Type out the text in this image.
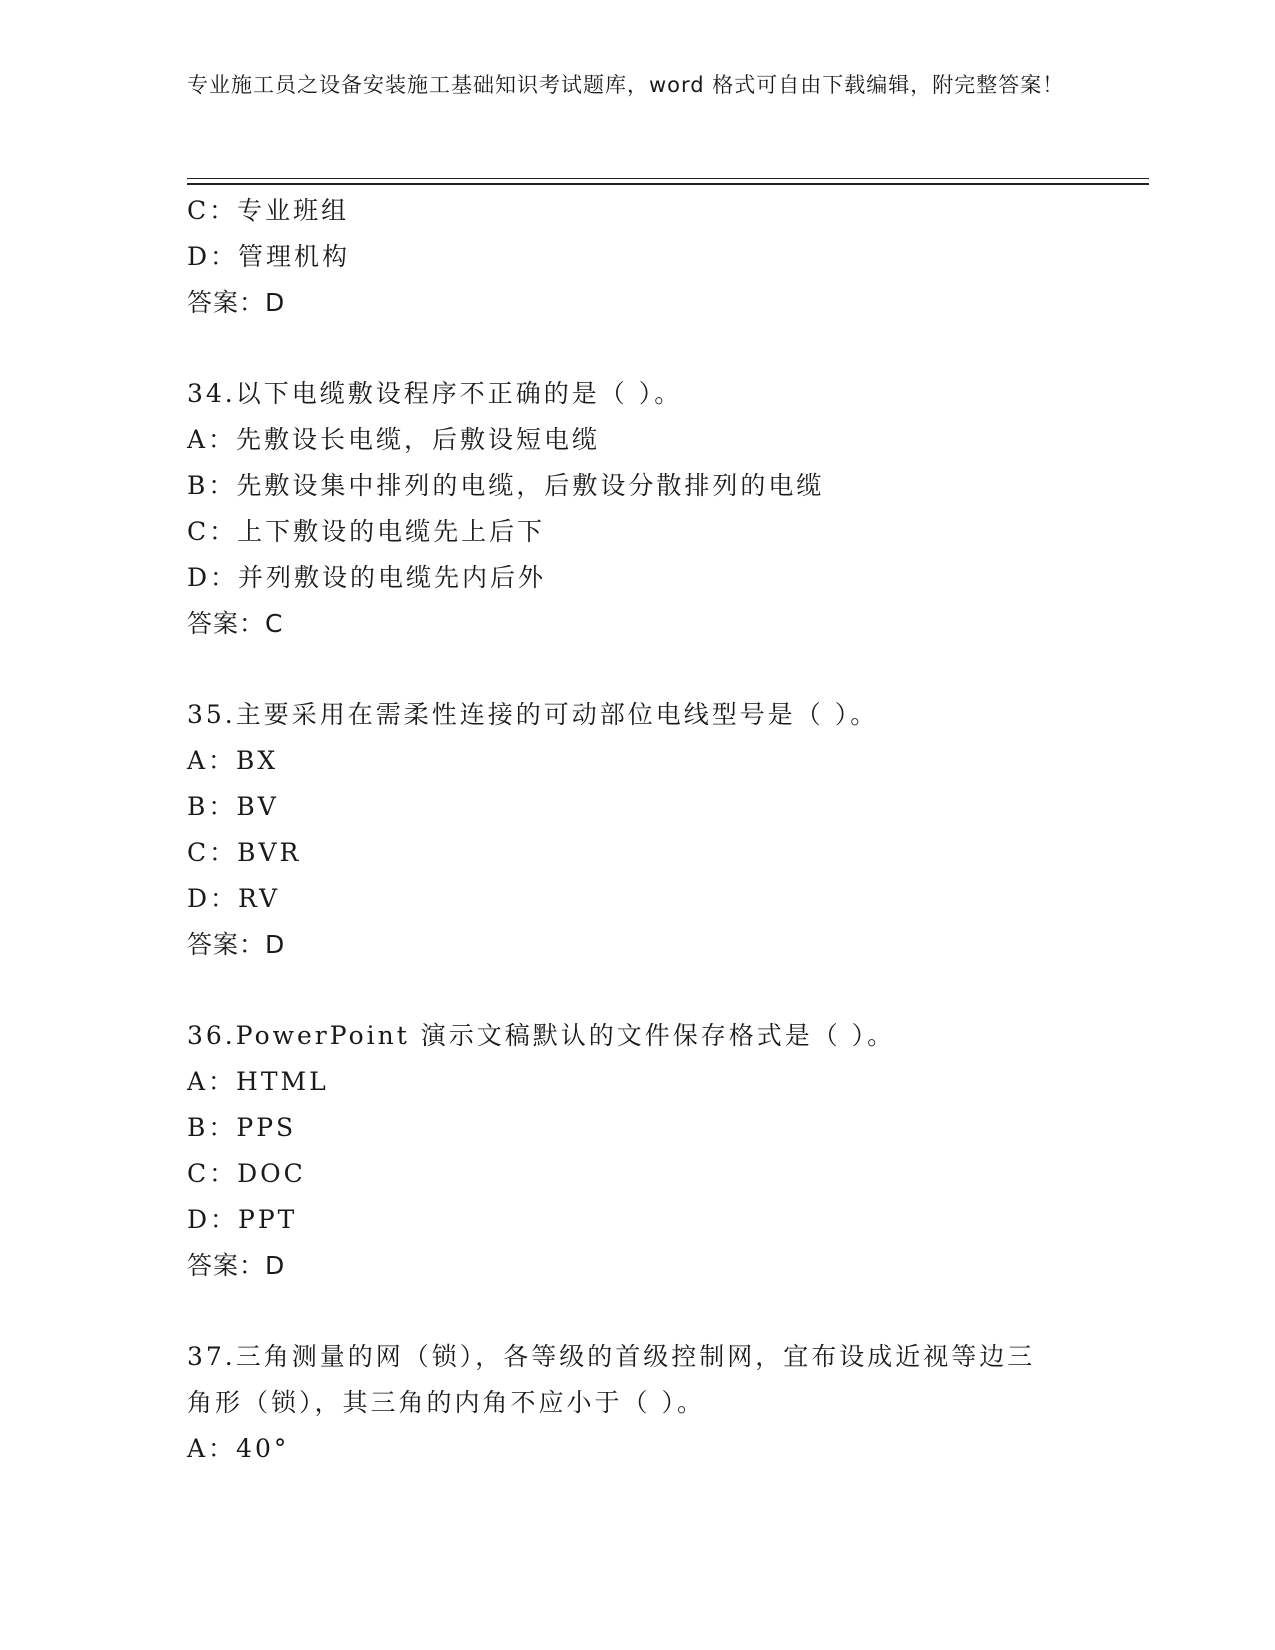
专业施工员之设备安装施工基础知识考试题库，word 格式可自由下载编辑，附完整答案！
C：专业班组
D：管理机构
答案：D
34.以下电缆敷设程序不正确的是（ ）。
A：先敷设长电缆，后敷设短电缆
B：先敷设集中排列的电缆，后敷设分散排列的电缆
C：上下敷设的电缆先上后下
D：并列敷设的电缆先内后外
答案：C
35.主要采用在需柔性连接的可动部位电线型号是（ ）。
A：BX
B：BV
C：BVR
D：RV
答案：D
36.PowerPoint 演示文稿默认的文件保存格式是（ ）。
A：HTML
B：PPS
C：DOC
D：PPT
答案：D
37.三角测量的网（锁），各等级的首级控制网，宜布设成近视等边三
角形（锁），其三角的内角不应小于（ ）。
A：40°
